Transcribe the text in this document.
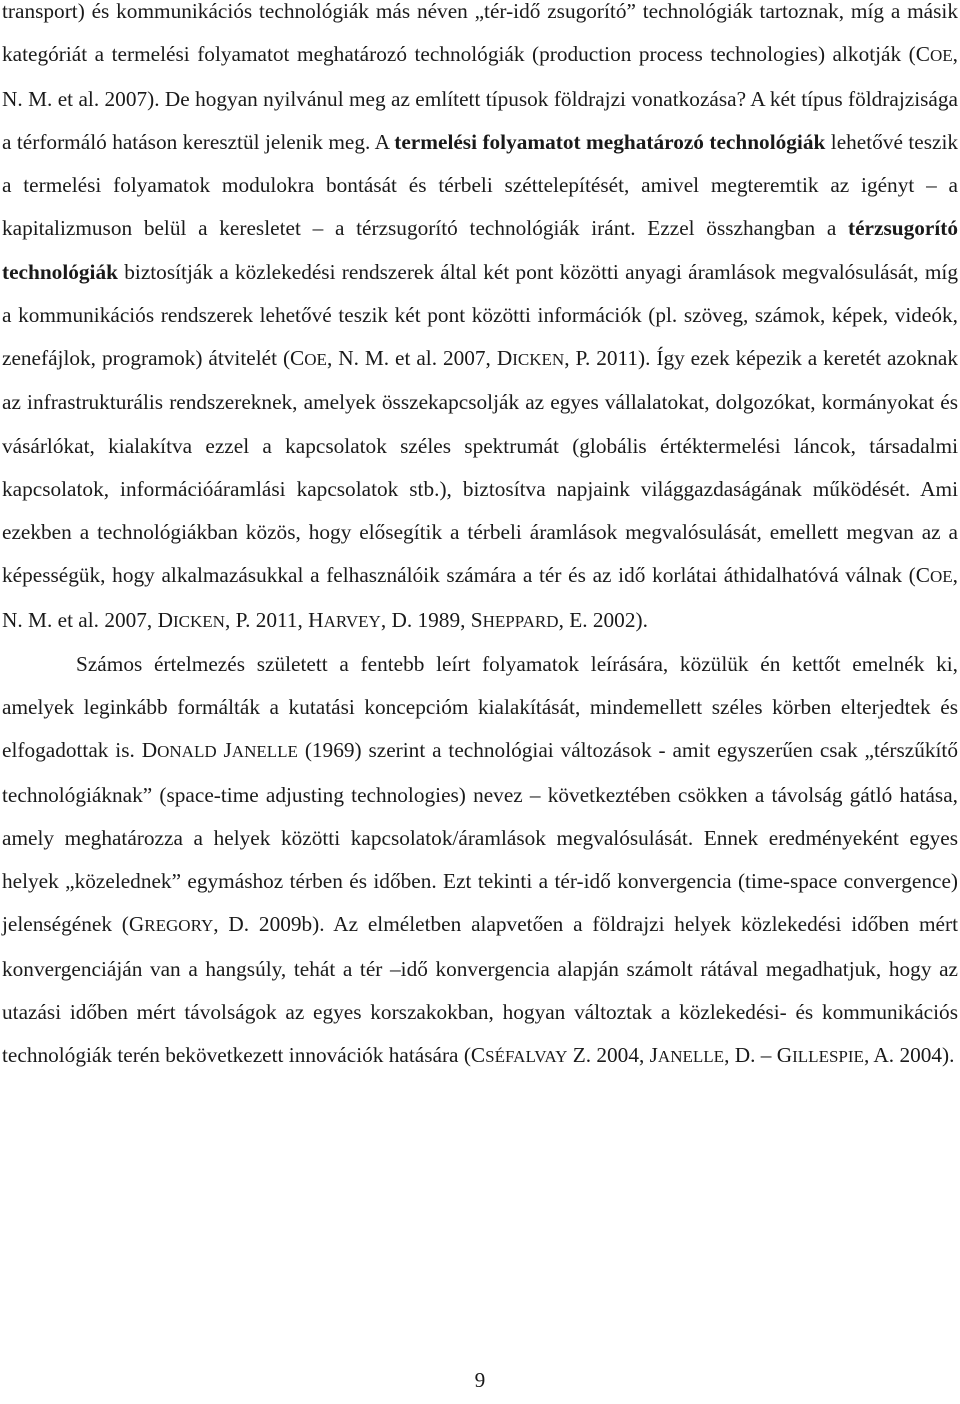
transport) és kommunikációs technológiák más néven „tér-idő zsugorító” technológiák tartoznak, míg a másik kategóriát a termelési folyamatot meghatározó technológiák (production process technologies) alkotják (COE, N. M. et al. 2007). De hogyan nyilvánul meg az említett típusok földrajzi vonatkozása? A két típus földrajzisága a térformáló hatáson keresztül jelenik meg. A termelési folyamatot meghatározó technológiák lehetővé teszik a termelési folyamatok modulokra bontását és térbeli széttelepítését, amivel megteremtik az igényt – a kapitalizmuson belül a keresletet – a térzsugorító technológiák iránt. Ezzel összhangban a térzsugorító technológiák biztosítják a közlekedési rendszerek által két pont közötti anyagi áramlások megvalósulását, míg a kommunikációs rendszerek lehetővé teszik két pont közötti információk (pl. szöveg, számok, képek, videók, zenefájlok, programok) átvitelét (COE, N. M. et al. 2007, DICKEN, P. 2011). Így ezek képezik a keretét azoknak az infrastrukturális rendszereknek, amelyek összekapcsolják az egyes vállalatokat, dolgozókat, kormányokat és vásárlókat, kialakítva ezzel a kapcsolatok széles spektrumát (globális értéktermelési láncok, társadalmi kapcsolatok, információáramlási kapcsolatok stb.), biztosítva napjaink világgazdaságának működését. Ami ezekben a technológiákban közös, hogy elősegítik a térbeli áramlások megvalósulását, emellett megvan az a képességük, hogy alkalmazásukkal a felhasználóik számára a tér és az idő korlátai áthidalhatóvá válnak (COE, N. M. et al. 2007, DICKEN, P. 2011, HARVEY, D. 1989, SHEPPARD, E. 2002).

Számos értelmezés született a fentebb leírt folyamatok leírására, közülük én kettőt emelnék ki, amelyek leginkább formálták a kutatási koncepcióm kialakítását, mindemellett széles körben elterjedtek és elfogadottak is. DONALD JANELLE (1969) szerint a technológiai változások - amit egyszerűen csak „térszűkítő technológiáknak” (space-time adjusting technologies) nevez – következtében csökken a távolság gátló hatása, amely meghatározza a helyek közötti kapcsolatok/áramlások megvalósulását. Ennek eredményeként egyes helyek „közelednek” egymáshoz térben és időben. Ezt tekinti a tér-idő konvergencia (time-space convergence) jelenségének (GREGORY, D. 2009b). Az elméletben alapvetően a földrajzi helyek közlekedési időben mért konvergenciáján van a hangsúly, tehát a tér –idő konvergencia alapján számolt rátával megadhatjuk, hogy az utazási időben mért távolságok az egyes korszakokban, hogyan változtak a közlekedési- és kommunikációs technológiák terén bekövetkezett innovációk hatására (CSÉFALVAY Z. 2004, JANELLE, D. – GILLESPIE, A. 2004).

9
